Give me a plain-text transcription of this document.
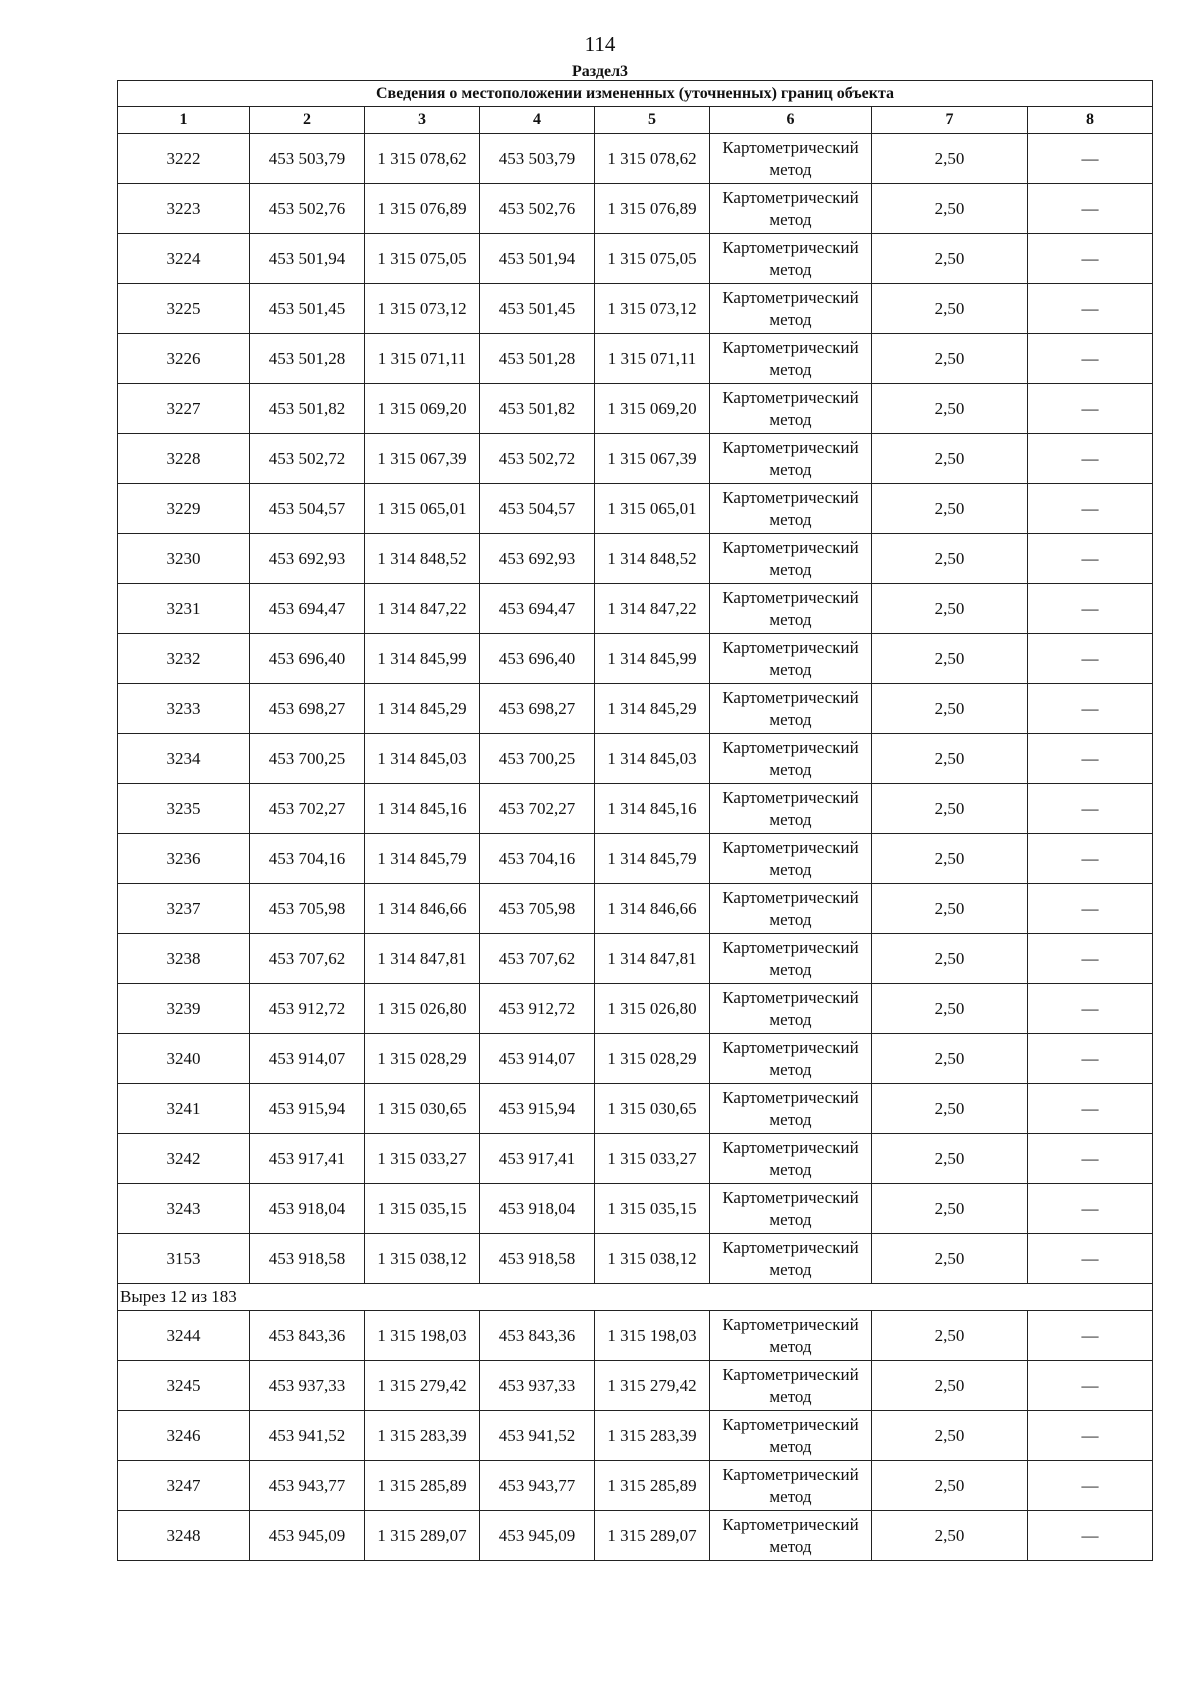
114
Раздел3
Сведения о местоположении измененных (уточненных) границ объекта							
1	2	3	4	5	6	7	8
3222	453 503,79	1 315 078,62	453 503,79	1 315 078,62	Картометрический метод	2,50	—
3223	453 502,76	1 315 076,89	453 502,76	1 315 076,89	Картометрический метод	2,50	—
3224	453 501,94	1 315 075,05	453 501,94	1 315 075,05	Картометрический метод	2,50	—
3225	453 501,45	1 315 073,12	453 501,45	1 315 073,12	Картометрический метод	2,50	—
3226	453 501,28	1 315 071,11	453 501,28	1 315 071,11	Картометрический метод	2,50	—
3227	453 501,82	1 315 069,20	453 501,82	1 315 069,20	Картометрический метод	2,50	—
3228	453 502,72	1 315 067,39	453 502,72	1 315 067,39	Картометрический метод	2,50	—
3229	453 504,57	1 315 065,01	453 504,57	1 315 065,01	Картометрический метод	2,50	—
3230	453 692,93	1 314 848,52	453 692,93	1 314 848,52	Картометрический метод	2,50	—
3231	453 694,47	1 314 847,22	453 694,47	1 314 847,22	Картометрический метод	2,50	—
3232	453 696,40	1 314 845,99	453 696,40	1 314 845,99	Картометрический метод	2,50	—
3233	453 698,27	1 314 845,29	453 698,27	1 314 845,29	Картометрический метод	2,50	—
3234	453 700,25	1 314 845,03	453 700,25	1 314 845,03	Картометрический метод	2,50	—
3235	453 702,27	1 314 845,16	453 702,27	1 314 845,16	Картометрический метод	2,50	—
3236	453 704,16	1 314 845,79	453 704,16	1 314 845,79	Картометрический метод	2,50	—
3237	453 705,98	1 314 846,66	453 705,98	1 314 846,66	Картометрический метод	2,50	—
3238	453 707,62	1 314 847,81	453 707,62	1 314 847,81	Картометрический метод	2,50	—
3239	453 912,72	1 315 026,80	453 912,72	1 315 026,80	Картометрический метод	2,50	—
3240	453 914,07	1 315 028,29	453 914,07	1 315 028,29	Картометрический метод	2,50	—
3241	453 915,94	1 315 030,65	453 915,94	1 315 030,65	Картометрический метод	2,50	—
3242	453 917,41	1 315 033,27	453 917,41	1 315 033,27	Картометрический метод	2,50	—
3243	453 918,04	1 315 035,15	453 918,04	1 315 035,15	Картометрический метод	2,50	—
3153	453 918,58	1 315 038,12	453 918,58	1 315 038,12	Картометрический метод	2,50	—
Вырез 12 из 183							
3244	453 843,36	1 315 198,03	453 843,36	1 315 198,03	Картометрический метод	2,50	—
3245	453 937,33	1 315 279,42	453 937,33	1 315 279,42	Картометрический метод	2,50	—
3246	453 941,52	1 315 283,39	453 941,52	1 315 283,39	Картометрический метод	2,50	—
3247	453 943,77	1 315 285,89	453 943,77	1 315 285,89	Картометрический метод	2,50	—
3248	453 945,09	1 315 289,07	453 945,09	1 315 289,07	Картометрический метод	2,50	—
